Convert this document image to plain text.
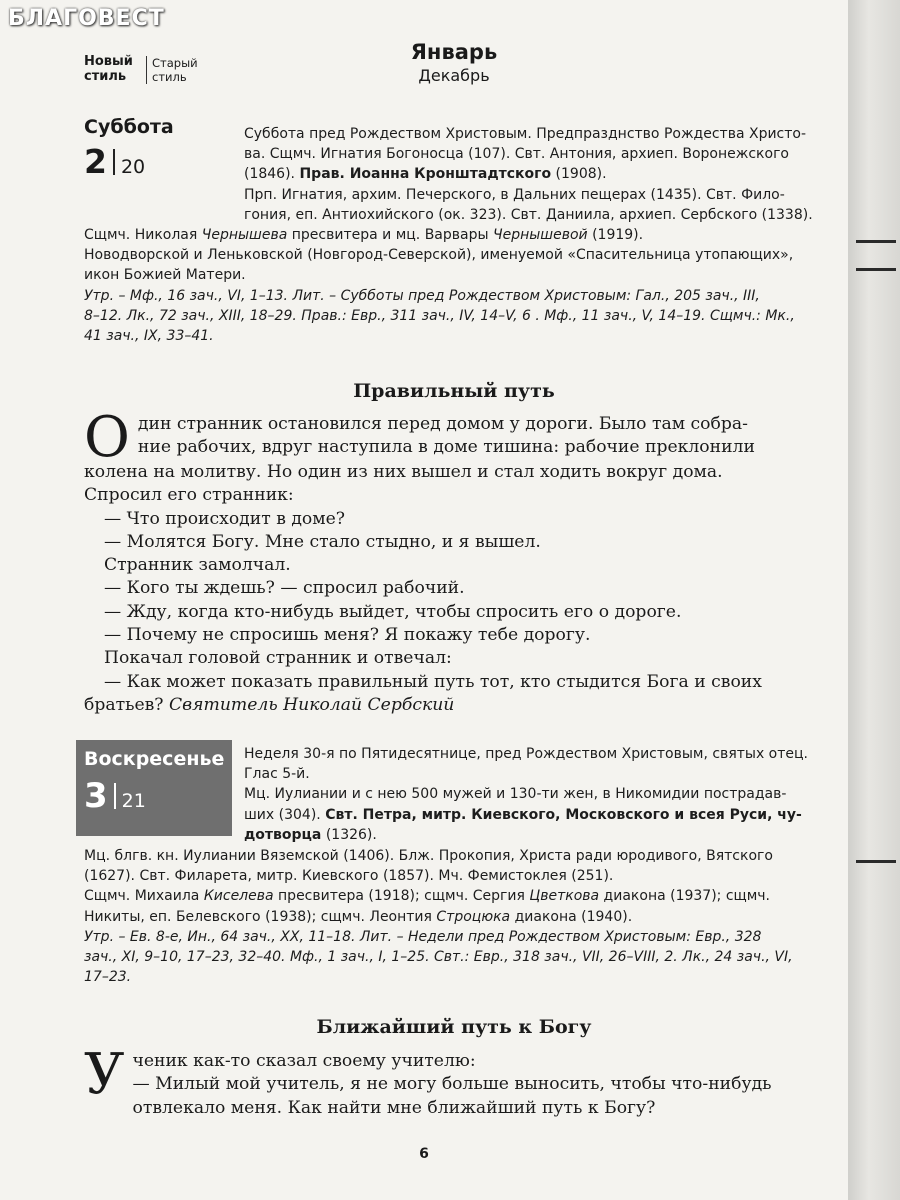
Новый стиль
Старый стиль
Январь
Декабрь
Суббота
2 20

Суббота пред Рождеством Христовым. Предпразднство Рождества Христо-

ва. Сщмч. Игнатия Богоносца (107). Свт. Антония, архиеп. Воронежского

(1846). Прав. Иоанна Кронштадтского (1908).

Прп. Игнатия, архим. Печерского, в Дальних пещерах (1435). Свт. Фило-

гония, еп. Антиохийского (ок. 323). Свт. Даниила, архиеп. Сербского (1338).

Сщмч. Николая Чернышева пресвитера и мц. Варвары Чернышевой (1919).

Новодворской и Леньковской (Новгород-Северской), именуемой «Спасительница утопающих»,

икон Божией Матери.

Утр. – Мф., 16 зач., VI, 1–13. Лит. – Субботы пред Рождеством Христовым: Гал., 205 зач., III,

8–12. Лк., 72 зач., XIII, 18–29. Прав.: Евр., 311 зач., IV, 14–V, 6 . Мф., 11 зач., V, 14–19. Сщмч.: Мк.,

41 зач., IX, 33–41.

Правильный путь

Один странник остановился перед домом у дороги. Было там собра-

ние рабочих, вдруг наступила в доме тишина: рабочие преклонили

колена на молитву. Но один из них вышел и стал ходить вокруг дома.

Спросил его странник:

— Что происходит в доме?

— Молятся Богу. Мне стало стыдно, и я вышел.

Странник замолчал.

— Кого ты ждешь? — спросил рабочий.

— Жду, когда кто-нибудь выйдет, чтобы спросить его о дороге.

— Почему не спросишь меня? Я покажу тебе дорогу.

Покачал головой странник и отвечал:

— Как может показать правильный путь тот, кто стыдится Бога и своих

братьев? Святитель Николай Сербский

Воскресенье
3 21

Неделя 30-я по Пятидесятнице, пред Рождеством Христовым, святых отец.

Глас 5-й.

Мц. Иулиании и с нею 500 мужей и 130-ти жен, в Никомидии пострадав-

ших (304). Свт. Петра, митр. Киевского, Московского и всея Руси, чу-

дотворца (1326).

Мц. блгв. кн. Иулиании Вяземской (1406). Блж. Прокопия, Христа ради юродивого, Вятского

(1627). Свт. Филарета, митр. Киевского (1857). Мч. Фемистоклея (251).

Сщмч. Михаила Киселева пресвитера (1918); сщмч. Сергия Цветкова диакона (1937); сщмч.

Никиты, еп. Белевского (1938); сщмч. Леонтия Строцюка диакона (1940).

Утр. – Ев. 8-е, Ин., 64 зач., XX, 11–18. Лит. – Недели пред Рождеством Христовым: Евр., 328

зач., XI, 9–10, 17–23, 32–40. Мф., 1 зач., I, 1–25. Свт.: Евр., 318 зач., VII, 26–VIII, 2. Лк., 24 зач., VI,

17–23.

Ближайший путь к Богу

Ученик как-то сказал своему учителю:

— Милый мой учитель, я не могу больше выносить, чтобы что-нибудь

отвлекало меня. Как найти мне ближайший путь к Богу?

6
БЛАГОВЕСТ
